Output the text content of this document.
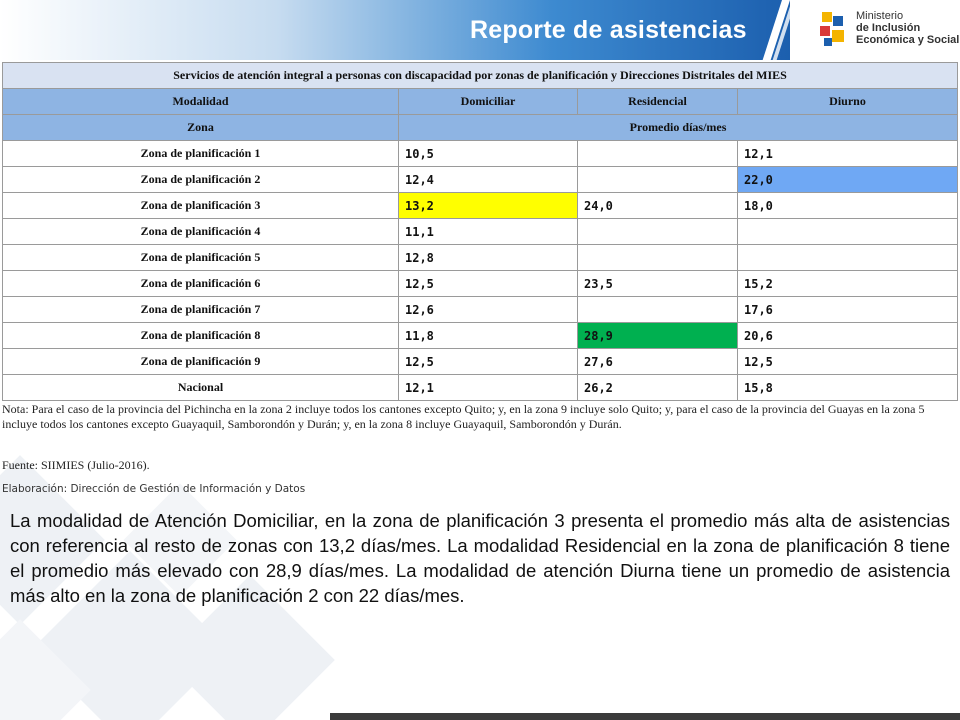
Reporte de asistencias	Ministerio
de Inclusión
Económica y Social
Servicios de atención integral a personas con discapacidad por zonas de planificación y Direcciones Distritales del MIES			
Modalidad	Domiciliar	Residencial	Diurno
Zona	Promedio días/mes		
Zona de planificación 1	10,5		12,1
Zona de planificación 2	12,4		22,0
Zona de planificación 3	13,2	24,0	18,0
Zona de planificación 4	11,1		
Zona de planificación 5	12,8		
Zona de planificación 6	12,5	23,5	15,2
Zona de planificación 7	12,6		17,6
Zona de planificación 8	11,8	28,9	20,6
Zona de planificación 9	12,5	27,6	12,5
Nacional	12,1	26,2	15,8
Nota: Para el caso de la provincia del Pichincha en la zona 2 incluye todos los cantones excepto Quito; y, en la zona 9 incluye solo Quito; y, para el caso de la provincia del Guayas en la zona 5 incluye todos los cantones excepto Guayaquil, Samborondón y Durán; y, en la zona 8 incluye Guayaquil, Samborondón y Durán.
Fuente: SIIMIES (Julio-2016).
Elaboración: Dirección de Gestión de Información y Datos
La modalidad de Atención Domiciliar, en la zona de planificación 3 presenta el promedio más alta de asistencias con referencia al resto de zonas con 13,2 días/mes. La modalidad Residencial en la zona de planificación 8 tiene el promedio más elevado con 28,9 días/mes. La modalidad de atención Diurna tiene un promedio de asistencia más alto en la zona de planificación 2 con 22 días/mes.
